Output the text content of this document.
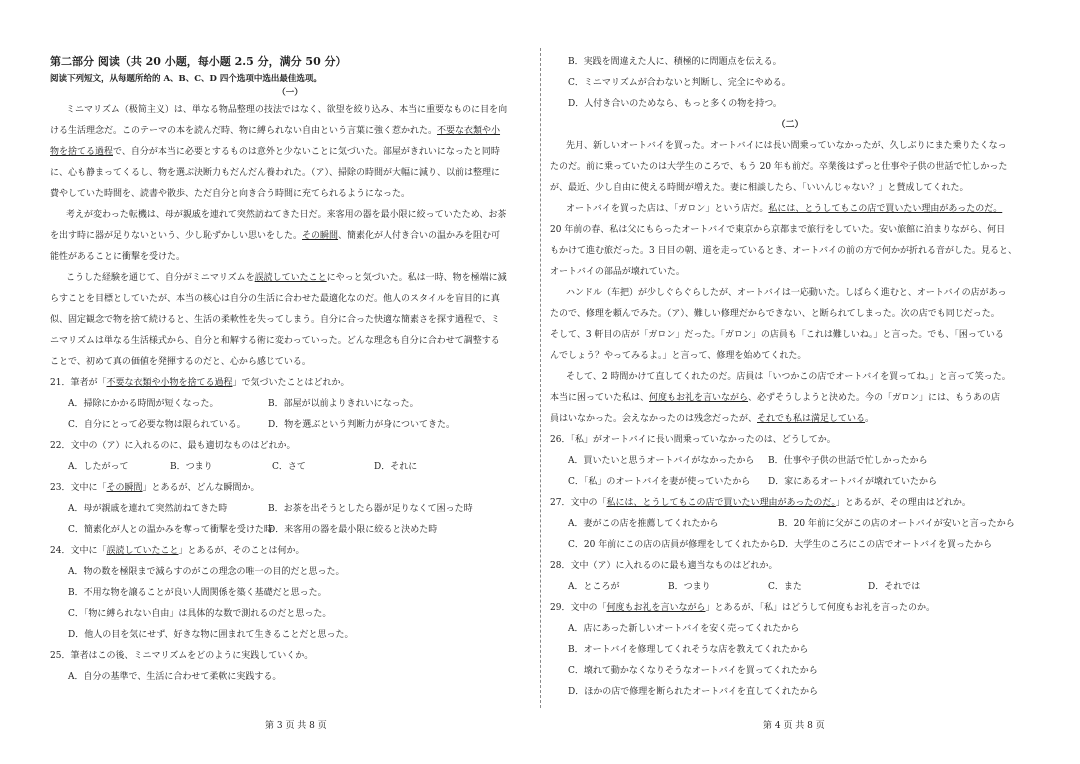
第二部分 阅读（共 20 小题，每小题 2.5 分，满分 50 分）
阅读下列短文，从每题所给的 A、B、C、D 四个选项中选出最佳选项。
（一）
ミニマリズム（极简主义）は、単なる物品整理の技法ではなく、欲望を絞り込み、本当に重要なものに目を向
ける生活理念だ。このテーマの本を読んだ時、物に縛られない自由という言葉に強く惹かれた。不要な衣類や小
物を捨てる過程で、自分が本当に必要とするものは意外と少ないことに気づいた。部屋がきれいになったと同時
に、心も静まってくるし、物を選ぶ決断力もだんだん養われた。（ア）、掃除の時間が大幅に減り、以前は整理に
費やしていた時間を、読書や散歩、ただ自分と向き合う時間に充てられるようになった。
考えが変わった転機は、母が親戚を連れて突然訪ねてきた日だ。来客用の器を最小限に絞っていたため、お茶
を出す時に器が足りないという、少し恥ずかしい思いをした。その瞬間、簡素化が人付き合いの温かみを阻む可
能性があることに衝撃を受けた。
こうした経験を通じて、自分がミニマリズムを誤読していたことにやっと気づいた。私は一時、物を極端に減
らすことを目標としていたが、本当の核心は自分の生活に合わせた最適化なのだ。他人のスタイルを盲目的に真
似、固定観念で物を捨て続けると、生活の柔軟性を失ってしまう。自分に合った快適な簡素さを探す過程で、ミ
ニマリズムは単なる生活様式から、自分と和解する術に変わっていった。どんな理念も自分に合わせて調整する
ことで、初めて真の価値を発揮するのだと、心から感じている。
21．筆者が「不要な衣類や小物を捨てる過程」で気づいたことはどれか。
A．掃除にかかる時間が短くなった。	B．部屋が以前よりきれいになった。
C．自分にとって必要な物は限られている。	D．物を選ぶという判断力が身についてきた。
22．文中の（ア）に入れるのに、最も適切なものはどれか。
A．したがって	B．つまり	C．さて	D．それに
23．文中に「その瞬間」とあるが、どんな瞬間か。
A．母が親戚を連れて突然訪ねてきた時	B．お茶を出そうとしたら器が足りなくて困った時
C．簡素化が人との温かみを奪って衝撃を受けた時
D．来客用の器を最小限に絞ると決めた時
24．文中に「誤読していたこと」とあるが、そのことは何か。
A．物の数を極限まで減らすのがこの理念の唯一の目的だと思った。
B．不用な物を譲ることが良い人間関係を築く基礎だと思った。
C．「物に縛られない自由」は具体的な数で測れるのだと思った。
D．他人の目を気にせず、好きな物に囲まれて生きることだと思った。
25．筆者はこの後、ミニマリズムをどのように実践していくか。
A．自分の基準で、生活に合わせて柔軟に実践する。
B．実践を間違えた人に、積極的に問題点を伝える。
C．ミニマリズムが合わないと判断し、完全にやめる。
D．人付き合いのためなら、もっと多くの物を持つ。
（二）
先月、新しいオートバイを買った。オートバイには長い間乗っていなかったが、久しぶりにまた乗りたくなっ
たのだ。前に乗っていたのは大学生のころで、もう 20 年も前だ。卒業後はずっと仕事や子供の世話で忙しかった
が、最近、少し自由に使える時間が増えた。妻に相談したら、「いいんじゃない？」と賛成してくれた。
オートバイを買った店は、「ガロン」という店だ。私には、とうしてもこの店で買いたい理由があったのだ。
20 年前の春、私は父にもらったオートバイで東京から京都まで旅行をしていた。安い旅館に泊まりながら、何日
もかけて進む旅だった。3 日目の朝、道を走っているとき、オートバイの前の方で何かが折れる音がした。見ると、
オートバイの部品が壊れていた。
ハンドル（车把）が少しぐらぐらしたが、オートバイは一応動いた。しばらく進むと、オートバイの店があっ
たので、修理を頼んでみた。（ア）、難しい修理だからできない、と断られてしまった。次の店でも同じだった。
そして、3 軒目の店が「ガロン」だった。「ガロン」の店員も「これは難しいね。」と言った。でも、「困っている
んでしょう？やってみるよ。」と言って、修理を始めてくれた。
そして、2 時間かけて直してくれたのだ。店員は「いつかこの店でオートバイを買ってね。」と言って笑った。
本当に困っていた私は、何度もお礼を言いながら、必ずそうしようと決めた。今の「ガロン」には、もうあの店
員はいなかった。会えなかったのは残念だったが、それでも私は満足している。
26．「私」がオートバイに長い間乗っていなかったのは、どうしてか。
A．買いたいと思うオートバイがなかったから	B．仕事や子供の世話で忙しかったから
C．「私」のオートバイを妻が使っていたから	D．家にあるオートバイが壊れていたから
27．文中の「私には、とうしてもこの店で買いたい理由があったのだ。」とあるが、その理由はどれか。
A．妻がこの店を推薦してくれたから	B．20 年前に父がこの店のオートバイが安いと言ったから
C．20 年前にこの店の店員が修理をしてくれたから D．大学生のころにこの店でオートバイを買ったから
28．文中（ア）に入れるのに最も適当なものはどれか。
A．ところが	B．つまり	C．また	D．それでは
29．文中の「何度もお礼を言いながら」とあるが、「私」はどうして何度もお礼を言ったのか。
A．店にあった新しいオートバイを安く売ってくれたから
B．オートバイを修理してくれそうな店を教えてくれたから
C．壊れて動かなくなりそうなオートバイを買ってくれたから
D．ほかの店で修理を断られたオートバイを直してくれたから
第 3 页 共 8 页	第 4 页 共 8 页
